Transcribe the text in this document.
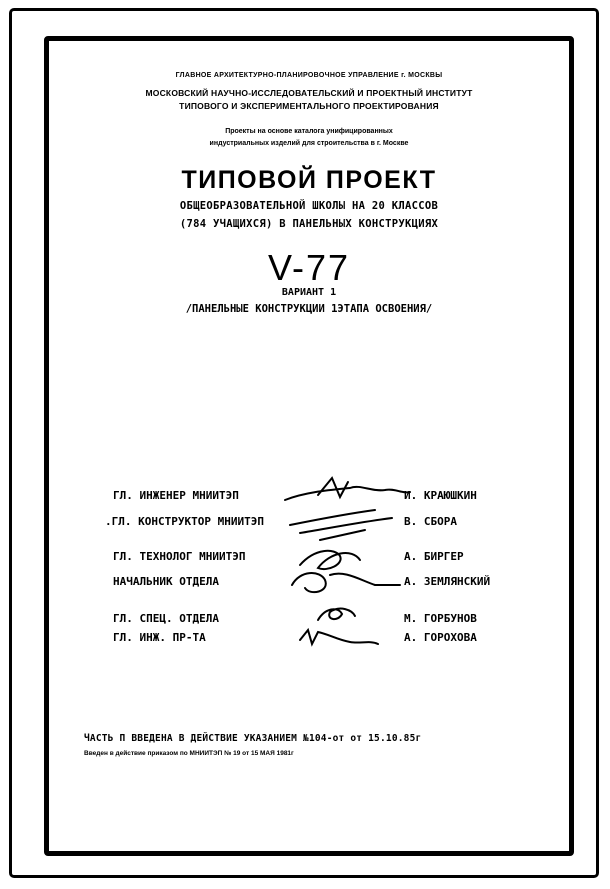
ГЛАВНОЕ АРХИТЕКТУРНО-ПЛАНИРОВОЧНОЕ УПРАВЛЕНИЕ г. МОСКВЫ
МОСКОВСКИЙ НАУЧНО-ИССЛЕДОВАТЕЛЬСКИЙ И ПРОЕКТНЫЙ ИНСТИТУТ
ТИПОВОГО И ЭКСПЕРИМЕНТАЛЬНОГО ПРОЕКТИРОВАНИЯ
Проекты на основе каталога унифицированных
индустриальных изделий для строительства в г. Москве
ТИПОВОЙ ПРОЕКТ
ОБЩЕОБРАЗОВАТЕЛЬНОЙ ШКОЛЫ НА 20 КЛАССОВ
(784 УЧАЩИХСЯ) В ПАНЕЛЬНЫХ КОНСТРУКЦИЯХ
V-77
ВАРИАНТ 1
/ПАНЕЛЬНЫЕ КОНСТРУКЦИИ 1ЭТАПА ОСВОЕНИЯ/
ГЛ. ИНЖЕНЕР МНИИТЭП	И. КРАЮШКИН
.ГЛ. КОНСТРУКТОР МНИИТЭП	В. СБОРА
ГЛ. ТЕХНОЛОГ МНИИТЭП	А. БИРГЕР
НАЧАЛЬНИК ОТДЕЛА	А. ЗЕМЛЯНСКИЙ
ГЛ. СПЕЦ. ОТДЕЛА	М. ГОРБУНОВ
ГЛ. ИНЖ. ПР-ТА	А. ГОРОХОВА
ЧАСТЬ П ВВЕДЕНА В ДЕЙСТВИЕ УКАЗАНИЕМ №104-от от 15.10.85г
Введен в действие приказом по МНИИТЭП № 19 от 15 МАЯ 1981г
